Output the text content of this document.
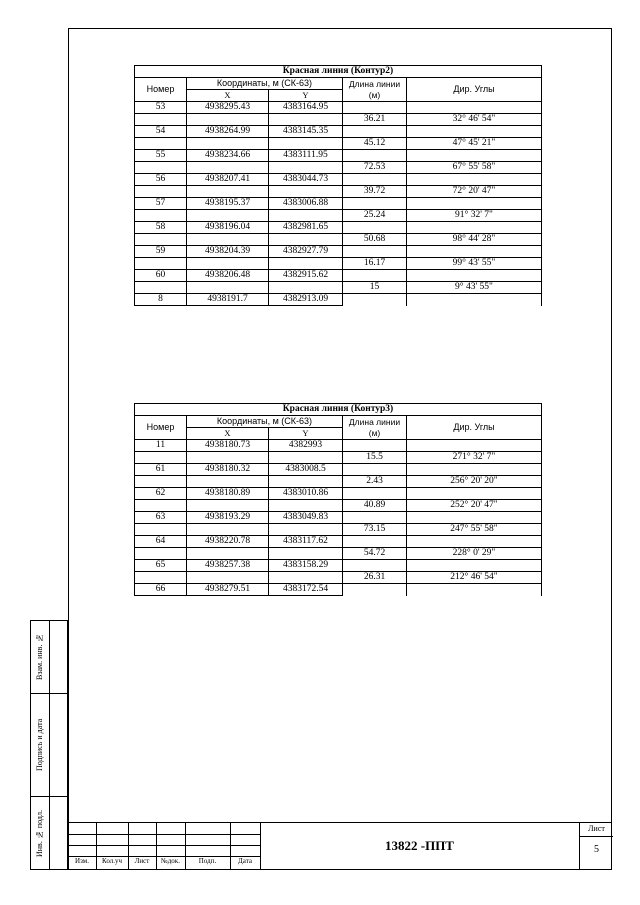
Взам. инв. №
Подпись и дата
Инв. № подл.
Красная линия (Контур2)				
Номер	Координаты, м (СК-63)		Длина линии (м)	Дир. Углы
	X	Y		
53	4938295.43	4383164.95		
			36.21	32° 46' 54"
54	4938264.99	4383145.35		
			45.12	47° 45' 21"
55	4938234.66	4383111.95		
			72.53	67° 55' 58"
56	4938207.41	4383044.73		
			39.72	72° 20' 47"
57	4938195.37	4383006.88		
			25.24	91° 32' 7"
58	4938196.04	4382981.65		
			50.68	98° 44' 28"
59	4938204.39	4382927.79		
			16.17	99° 43' 55"
60	4938206.48	4382915.62		
			15	9° 43' 55"
8	4938191.7	4382913.09		
Красная линия (Контур3)				
Номер	Координаты, м (СК-63)		Длина линии (м)	Дир. Углы
	X	Y		
11	4938180.73	4382993		
			15.5	271° 32' 7"
61	4938180.32	4383008.5		
			2.43	256° 20' 20"
62	4938180.89	4383010.86		
			40.89	252° 20' 47"
63	4938193.29	4383049.83		
			73.15	247° 55' 58"
64	4938220.78	4383117.62		
			54.72	228° 0' 29"
65	4938257.38	4383158.29		
			26.31	212° 46' 54"
66	4938279.51	4383172.54		
Изм.	Кол.уч	Лист	№док.	Подп.	Дата
13822 -ППТ
Лист
5
